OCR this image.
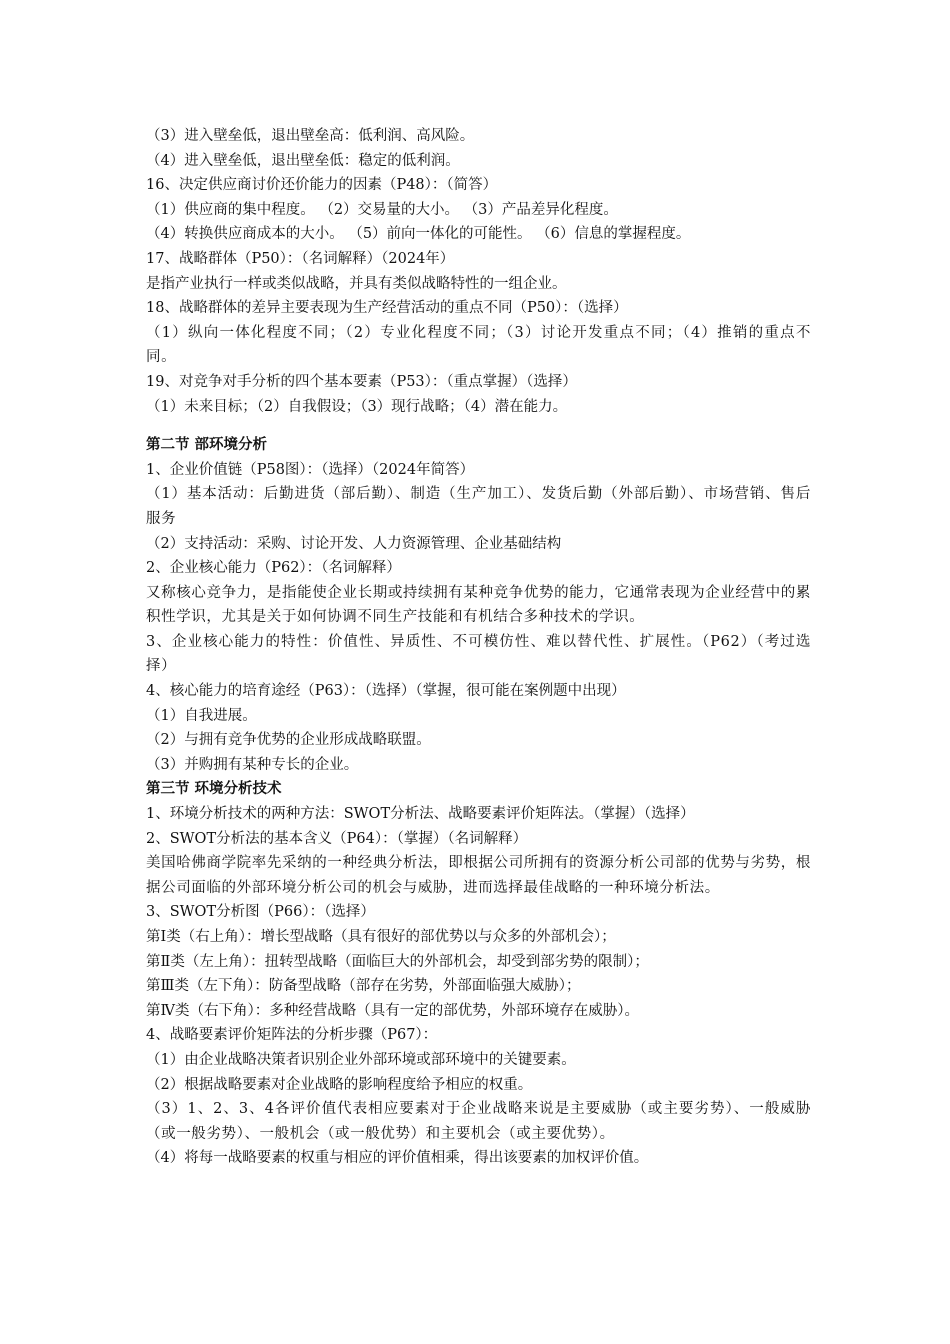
（3）进入壁垒低，退出壁垒高：低利润、高风险。

（4）进入壁垒低，退出壁垒低：稳定的低利润。

16、决定供应商讨价还价能力的因素（P48）：（简答）

（1）供应商的集中程度。 （2）交易量的大小。 （3）产品差异化程度。

（4）转换供应商成本的大小。 （5）前向一体化的可能性。 （6）信息的掌握程度。

17、战略群体（P50）：（名词解释）（2024年）

是指产业执行一样或类似战略，并具有类似战略特性的一组企业。

18、战略群体的差异主要表现为生产经营活动的重点不同（P50）：（选择）

（1）纵向一体化程度不同；（2）专业化程度不同；（3）讨论开发重点不同；（4）推销的重点不同。

19、对竞争对手分析的四个基本要素（P53）：（重点掌握）（选择）

（1）未来目标；（2）自我假设；（3）现行战略；（4）潜在能力。

第二节 部环境分析

1、企业价值链（P58图）：（选择）（2024年简答）

（1）基本活动：后勤进货（部后勤）、制造（生产加工）、发货后勤（外部后勤）、市场营销、售后服务

（2）支持活动：采购、讨论开发、人力资源管理、企业基础结构

2、企业核心能力（P62）：（名词解释）

又称核心竞争力，是指能使企业长期或持续拥有某种竞争优势的能力，它通常表现为企业经营中的累积性学识，尤其是关于如何协调不同生产技能和有机结合多种技术的学识。

3、企业核心能力的特性：价值性、异质性、不可模仿性、难以替代性、扩展性。（P62）（考过选择）

4、核心能力的培育途经（P63）：（选择）（掌握，很可能在案例题中出现）

（1）自我进展。

（2）与拥有竞争优势的企业形成战略联盟。

（3）并购拥有某种专长的企业。

第三节 环境分析技术

1、环境分析技术的两种方法：SWOT分析法、战略要素评价矩阵法。（掌握）（选择）

2、SWOT分析法的基本含义（P64）：（掌握）（名词解释）

美国哈佛商学院率先采纳的一种经典分析法，即根据公司所拥有的资源分析公司部的优势与劣势，根据公司面临的外部环境分析公司的机会与威胁，进而选择最佳战略的一种环境分析法。

3、SWOT分析图（P66）：（选择）

第Ⅰ类（右上角）：增长型战略（具有很好的部优势以与众多的外部机会）；

第Ⅱ类（左上角）：扭转型战略（面临巨大的外部机会，却受到部劣势的限制）；

第Ⅲ类（左下角）：防备型战略（部存在劣势，外部面临强大威胁）；

第Ⅳ类（右下角）：多种经营战略（具有一定的部优势，外部环境存在威胁）。

4、战略要素评价矩阵法的分析步骤（P67）：

（1）由企业战略决策者识别企业外部环境或部环境中的关键要素。

（2）根据战略要素对企业战略的影响程度给予相应的权重。

（3）1、2、3、4各评价值代表相应要素对于企业战略来说是主要威胁（或主要劣势）、一般威胁（或一般劣势）、一般机会（或一般优势）和主要机会（或主要优势）。

（4）将每一战略要素的权重与相应的评价值相乘，得出该要素的加权评价值。
